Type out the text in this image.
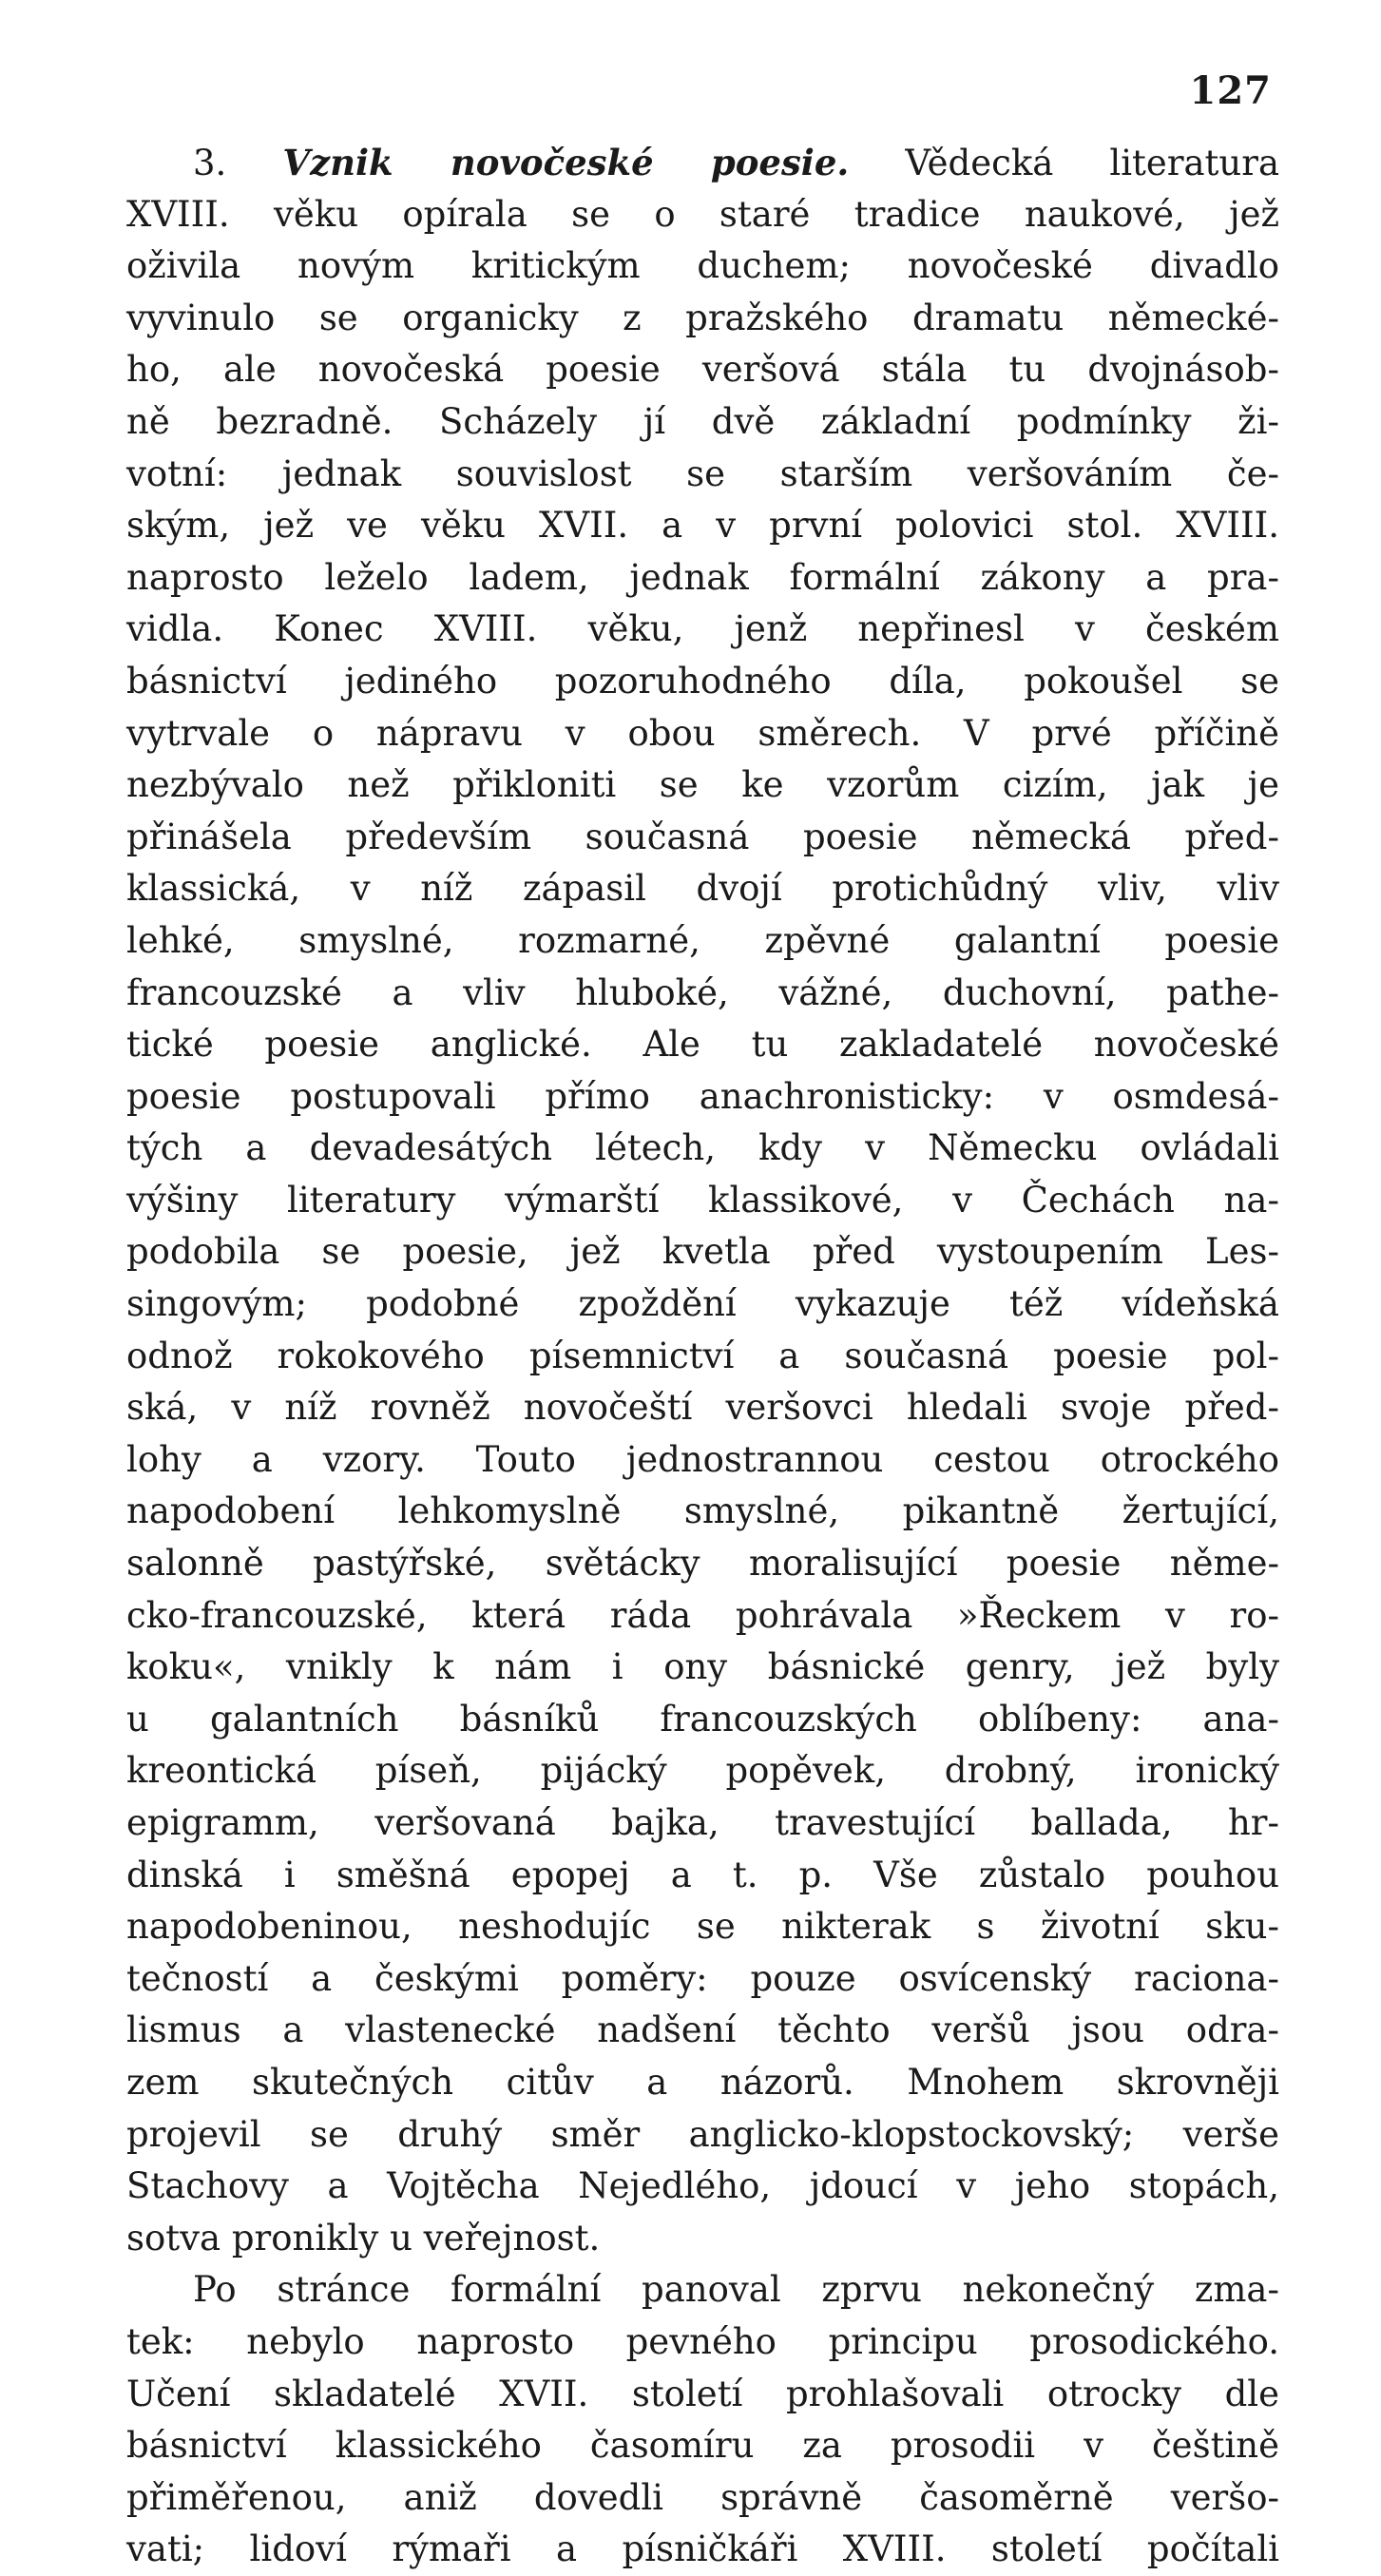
127
3. Vznik novočeské poesie. Vědecká literatura
XVIII. věku opírala se o staré tradice naukové, jež
oživila novým kritickým duchem; novočeské divadlo
vyvinulo se organicky z pražského dramatu německé-
ho, ale novočeská poesie veršová stála tu dvojnásob-
ně bezradně. Scházely jí dvě základní podmínky ži-
votní: jednak souvislost se starším veršováním če-
ským, jež ve věku XVII. a v první polovici stol. XVIII.
naprosto leželo ladem, jednak formální zákony a pra-
vidla. Konec XVIII. věku, jenž nepřinesl v českém
básnictví jediného pozoruhodného díla, pokoušel se
vytrvale o nápravu v obou směrech. V prvé příčině
nezbývalo než přikloniti se ke vzorům cizím, jak je
přinášela především současná poesie německá před-
klassická, v níž zápasil dvojí protichůdný vliv, vliv
lehké, smyslné, rozmarné, zpěvné galantní poesie
francouzské a vliv hluboké, vážné, duchovní, pathe-
tické poesie anglické. Ale tu zakladatelé novočeské
poesie postupovali přímo anachronisticky: v osmdesá-
tých a devadesátých létech, kdy v Německu ovládali
výšiny literatury výmarští klassikové, v Čechách na-
podobila se poesie, jež kvetla před vystoupením Les-
singovým; podobné zpoždění vykazuje též vídeňská
odnož rokokového písemnictví a současná poesie pol-
ská, v níž rovněž novočeští veršovci hledali svoje před-
lohy a vzory. Touto jednostrannou cestou otrockého
napodobení lehkomyslně smyslné, pikantně žertující,
salonně pastýřské, světácky moralisující poesie něme-
cko-francouzské, která ráda pohrávala »Řeckem v ro-
koku«, vnikly k nám i ony básnické genry, jež byly
u galantních básníků francouzských oblíbeny: ana-
kreontická píseň, pijácký popěvek, drobný, ironický
epigramm, veršovaná bajka, travestující ballada, hr-
dinská i směšná epopej a t. p. Vše zůstalo pouhou
napodobeninou, neshodujíc se nikterak s životní sku-
tečností a českými poměry: pouze osvícenský raciona-
lismus a vlastenecké nadšení těchto veršů jsou odra-
zem skutečných citův a názorů. Mnohem skrovněji
projevil se druhý směr anglicko-klopstockovský; verše
Stachovy a Vojtěcha Nejedlého, jdoucí v jeho stopách,
sotva pronikly u veřejnost.
Po stránce formální panoval zprvu nekonečný zma-
tek: nebylo naprosto pevného principu prosodického.
Učení skladatelé XVII. století prohlašovali otrocky dle
básnictví klassického časomíru za prosodii v češtině
přiměřenou, aniž dovedli správně časoměrně veršo-
vati; lidoví rýmaři a písničkáři XVIII. století počítali
